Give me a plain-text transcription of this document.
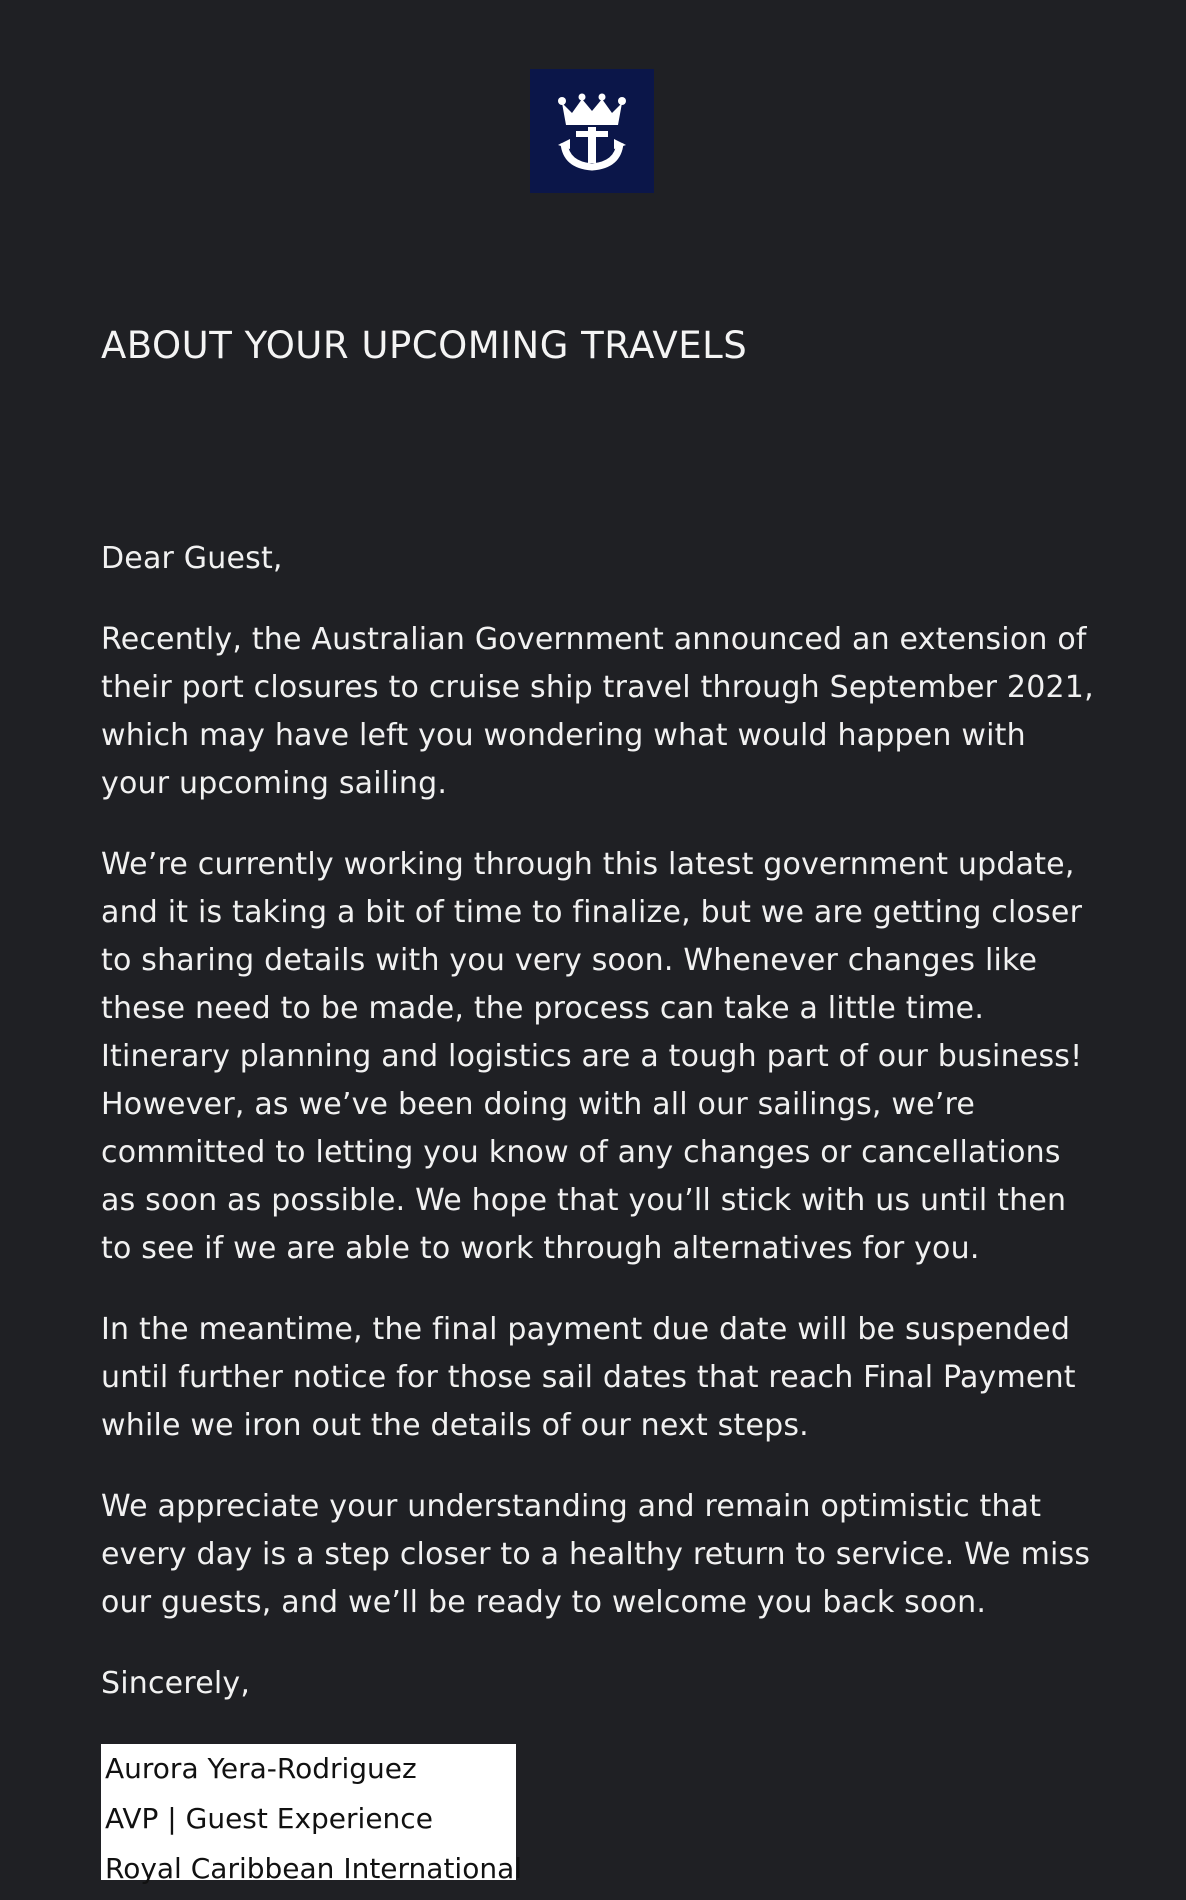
ABOUT YOUR UPCOMING TRAVELS

Dear Guest,

Recently, the Australian Government announced an extension of their port closures to cruise ship travel through September 2021, which may have left you wondering what would happen with your upcoming sailing.

We’re currently working through this latest government update, and it is taking a bit of time to finalize, but we are getting closer to sharing details with you very soon. Whenever changes like these need to be made, the process can take a little time. Itinerary planning and logistics are a tough part of our business! However, as we’ve been doing with all our sailings, we’re committed to letting you know of any changes or cancellations as soon as possible. We hope that you’ll stick with us until then to see if we are able to work through alternatives for you.

In the meantime, the final payment due date will be suspended until further notice for those sail dates that reach Final Payment while we iron out the details of our next steps.

We appreciate your understanding and remain optimistic that every day is a step closer to a healthy return to service. We miss our guests, and we’ll be ready to welcome you back soon.

Sincerely,

Aurora Yera-Rodriguez
AVP | Guest Experience
Royal Caribbean International
